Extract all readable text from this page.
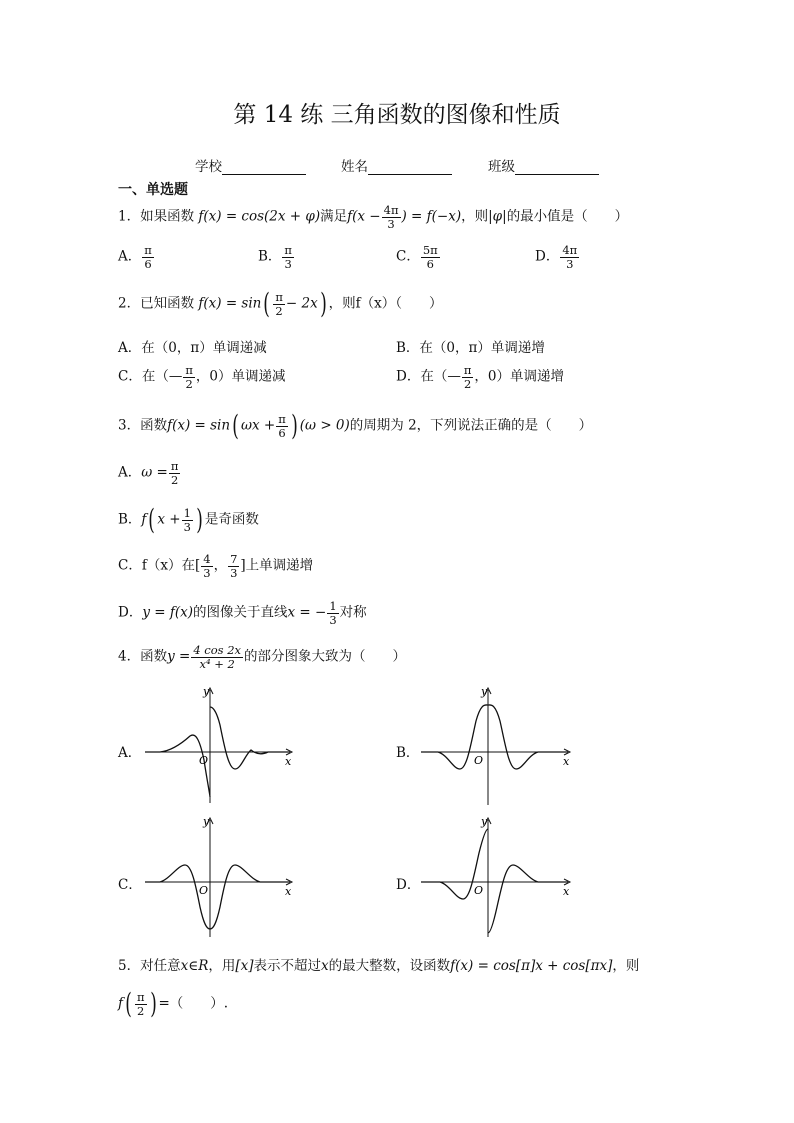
第 14 练 三角函数的图像和性质
学校	姓名	班级
一、单选题
1．如果函数 f(x) = cos(2x + φ)满足$f(x - \frac{4\pi}{3}$ ) = f(−x)，则|φ|的最小值是（　　）
A． $\frac{\pi}{6}$	B． $\frac{\pi}{3}$	C． $\frac{5\pi}{6}$	D． $\frac{4\pi}{3}$
2．已知函数 $f(x) = \sin( \frac{\pi}{2} - 2x)$ ，则f（x）（　　）
A．在（0，π）单调递减	B．在（0，π）单调递增
C．在（— $\frac{\pi}{2}$ ，0）单调递减	D．在（— $\frac{\pi}{2}$ ，0）单调递增
3．函数f(x) = sin( $\omega x + \frac{\pi}{6}$ ) (ω > 0)的周期为 2，下列说法正确的是（　　）
A．$\omega = \frac{\pi}{2}$
B．f( $x + \frac{1}{3}$ ) 是奇函数
C．f（x）在[ $\frac{4}{3}$ ， $\frac{7}{3}$ ]上单调递增
D．y = f(x)的图像关于直线x = − $\frac{1}{3}$ 对称
4．函数$y = \frac{4 \cos 2x}{\text{x⁴ + 2}}$ 的部分图象大致为（　　）
A．	B．
C．	D．
y
x
O
y
x
O
y
x
O
y
x
O
5．对任意x∈R，用[x]表示不超过x的最大整数，设函数f(x) = cos[π]x + cos[πx]，则
$f( \frac{\pi}{2}$ ) =（　　）.
